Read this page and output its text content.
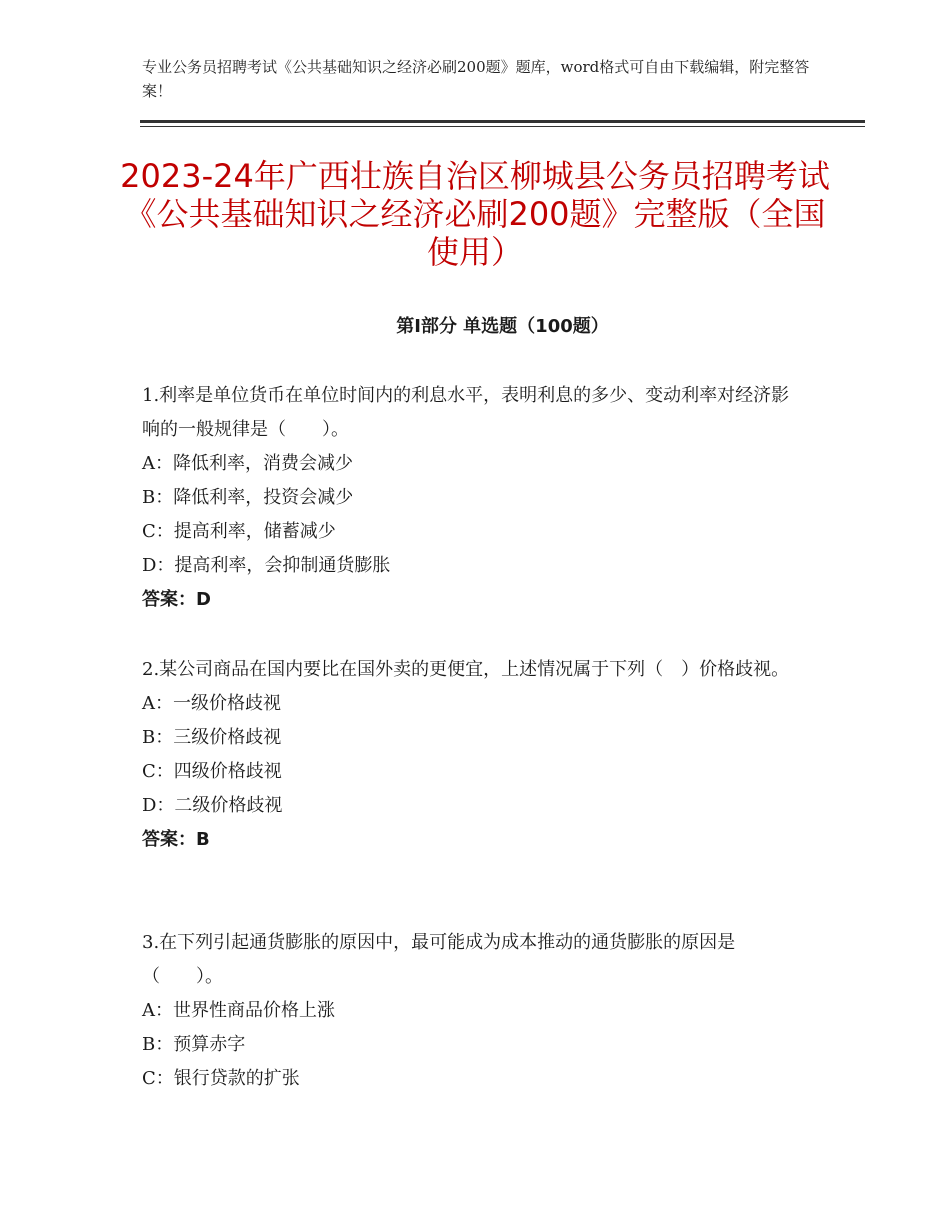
专业公务员招聘考试《公共基础知识之经济必刷200题》题库，word格式可自由下载编辑，附完整答案！
2023-24年广西壮族自治区柳城县公务员招聘考试《公共基础知识之经济必刷200题》完整版（全国使用）
第Ⅰ部分 单选题（100题）
1.利率是单位货币在单位时间内的利息水平，表明利息的多少、变动利率对经济影响的一般规律是（　　）。
A：降低利率，消费会减少
B：降低利率，投资会减少
C：提高利率，储蓄减少
D：提高利率，会抑制通货膨胀
答案：D
2.某公司商品在国内要比在国外卖的更便宜，上述情况属于下列（　）价格歧视。
A：一级价格歧视
B：三级价格歧视
C：四级价格歧视
D：二级价格歧视
答案：B
3.在下列引起通货膨胀的原因中，最可能成为成本推动的通货膨胀的原因是（　　）。
A：世界性商品价格上涨
B：预算赤字
C：银行贷款的扩张
